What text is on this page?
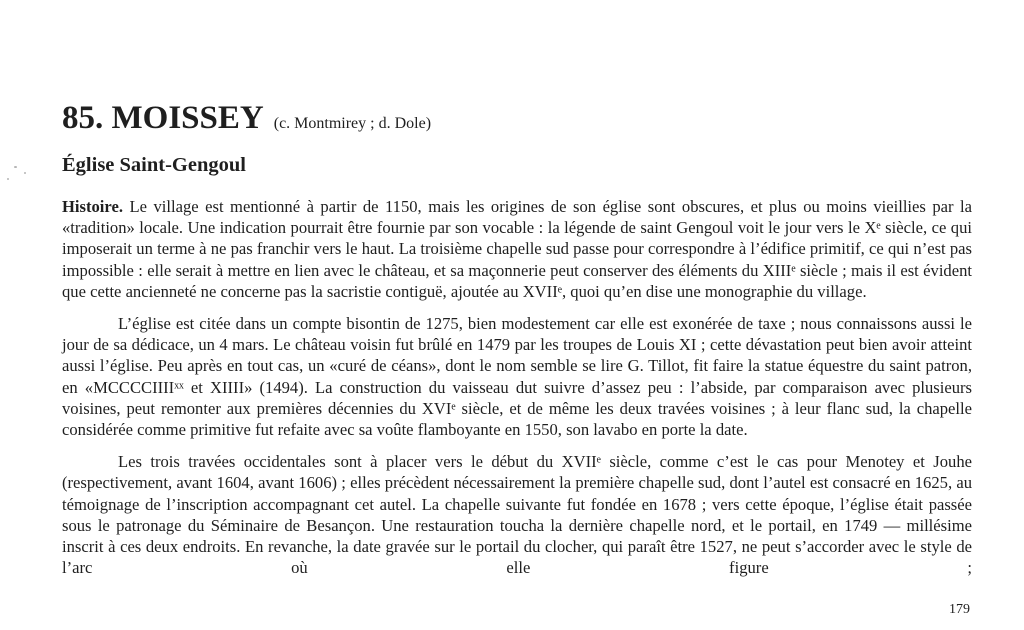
85. MOISSEY (c. Montmirey ; d. Dole)
Église Saint-Gengoul

Histoire. Le village est mentionné à partir de 1150, mais les origines de son église sont obscures, et plus ou moins vieillies par la «tradition» locale. Une indication pourrait être fournie par son vocable : la légende de saint Gengoul voit le jour vers le Xᵉ siècle, ce qui imposerait un terme à ne pas franchir vers le haut. La troisième chapelle sud passe pour correspondre à l’édifice primitif, ce qui n’est pas impossible : elle serait à mettre en lien avec le château, et sa maçonnerie peut conserver des éléments du XIIIᵉ siècle ; mais il est évident que cette ancienneté ne concerne pas la sacristie contiguë, ajoutée au XVIIᵉ, quoi qu’en dise une monographie du village.

L’église est citée dans un compte bisontin de 1275, bien modestement car elle est exonérée de taxe ; nous connaissons aussi le jour de sa dédicace, un 4 mars. Le château voisin fut brûlé en 1479 par les troupes de Louis XI ; cette dévastation peut bien avoir atteint aussi l’église. Peu après en tout cas, un «curé de céans», dont le nom semble se lire G. Tillot, fit faire la statue équestre du saint patron, en «MCCCCIIIIˣˣ et XIIII» (1494). La construction du vaisseau dut suivre d’assez peu : l’abside, par comparaison avec plusieurs voisines, peut remonter aux premières décennies du XVIᵉ siècle, et de même les deux travées voisines ; à leur flanc sud, la chapelle considérée comme primitive fut refaite avec sa voûte flamboyante en 1550, son lavabo en porte la date.

Les trois travées occidentales sont à placer vers le début du XVIIᵉ siècle, comme c’est le cas pour Menotey et Jouhe (respectivement, avant 1604, avant 1606) ; elles précèdent nécessairement la première chapelle sud, dont l’autel est consacré en 1625, au témoignage de l’inscription accompagnant cet autel. La chapelle suivante fut fondée en 1678 ; vers cette époque, l’église était passée sous le patronage du Séminaire de Besançon. Une restauration toucha la dernière chapelle nord, et le portail, en 1749 — millésime inscrit à ces deux endroits. En revanche, la date gravée sur le portail du clocher, qui paraît être 1527, ne peut s’accorder avec le style de l’arc où elle figure ;

179
